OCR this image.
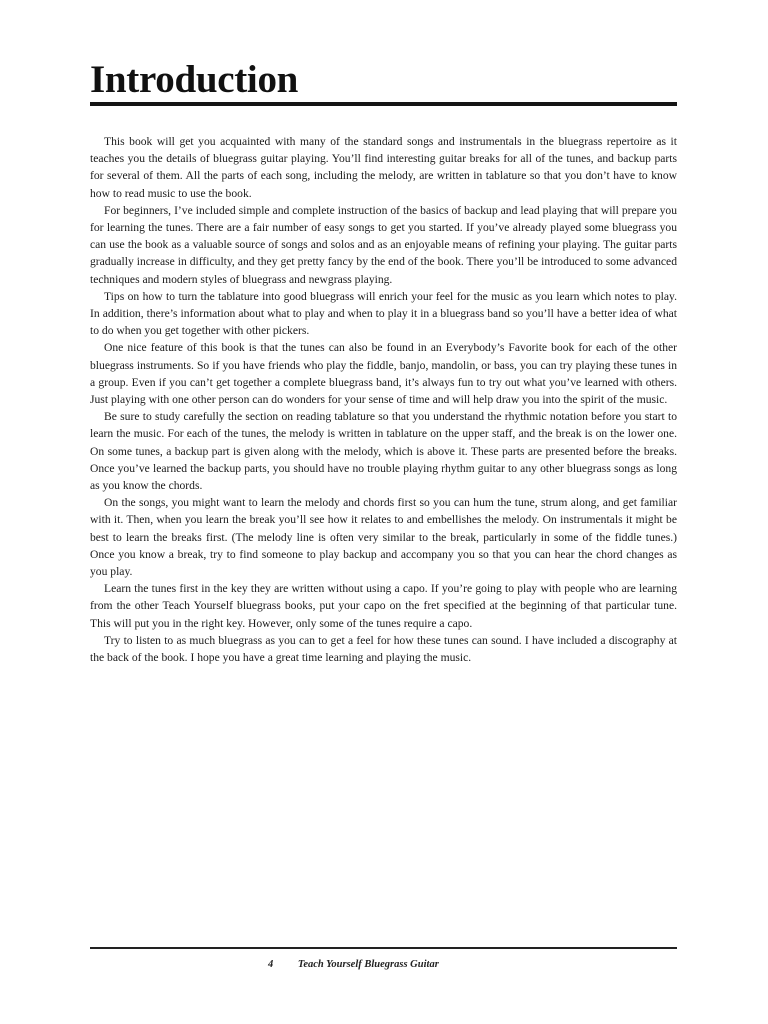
Introduction

This book will get you acquainted with many of the standard songs and instrumentals in the bluegrass repertoire as it teaches you the details of bluegrass guitar playing. You’ll find interesting guitar breaks for all of the tunes, and backup parts for several of them. All the parts of each song, including the melody, are written in tablature so that you don’t have to know how to read music to use the book.

For beginners, I’ve included simple and complete instruction of the basics of backup and lead playing that will prepare you for learning the tunes. There are a fair number of easy songs to get you started. If you’ve already played some bluegrass you can use the book as a valuable source of songs and solos and as an enjoyable means of refining your playing. The guitar parts gradually increase in difficulty, and they get pretty fancy by the end of the book. There you’ll be introduced to some advanced techniques and modern styles of bluegrass and newgrass playing.

Tips on how to turn the tablature into good bluegrass will enrich your feel for the music as you learn which notes to play. In addition, there’s information about what to play and when to play it in a bluegrass band so you’ll have a better idea of what to do when you get together with other pickers.

One nice feature of this book is that the tunes can also be found in an Everybody’s Favorite book for each of the other bluegrass instruments. So if you have friends who play the fiddle, banjo, mandolin, or bass, you can try playing these tunes in a group. Even if you can’t get together a complete bluegrass band, it’s always fun to try out what you’ve learned with others. Just playing with one other person can do wonders for your sense of time and will help draw you into the spirit of the music.

Be sure to study carefully the section on reading tablature so that you understand the rhythmic notation before you start to learn the music. For each of the tunes, the melody is written in tablature on the upper staff, and the break is on the lower one. On some tunes, a backup part is given along with the melody, which is above it. These parts are presented before the breaks. Once you’ve learned the backup parts, you should have no trouble playing rhythm guitar to any other bluegrass songs as long as you know the chords.

On the songs, you might want to learn the melody and chords first so you can hum the tune, strum along, and get familiar with it. Then, when you learn the break you’ll see how it relates to and embellishes the melody. On instrumentals it might be best to learn the breaks first. (The melody line is often very similar to the break, particularly in some of the fiddle tunes.) Once you know a break, try to find someone to play backup and accompany you so that you can hear the chord changes as you play.

Learn the tunes first in the key they are written without using a capo. If you’re going to play with people who are learning from the other Teach Yourself bluegrass books, put your capo on the fret specified at the beginning of that particular tune. This will put you in the right key. However, only some of the tunes require a capo.

Try to listen to as much bluegrass as you can to get a feel for how these tunes can sound. I have included a discography at the back of the book. I hope you have a great time learning and playing the music.

4 Teach Yourself Bluegrass Guitar
